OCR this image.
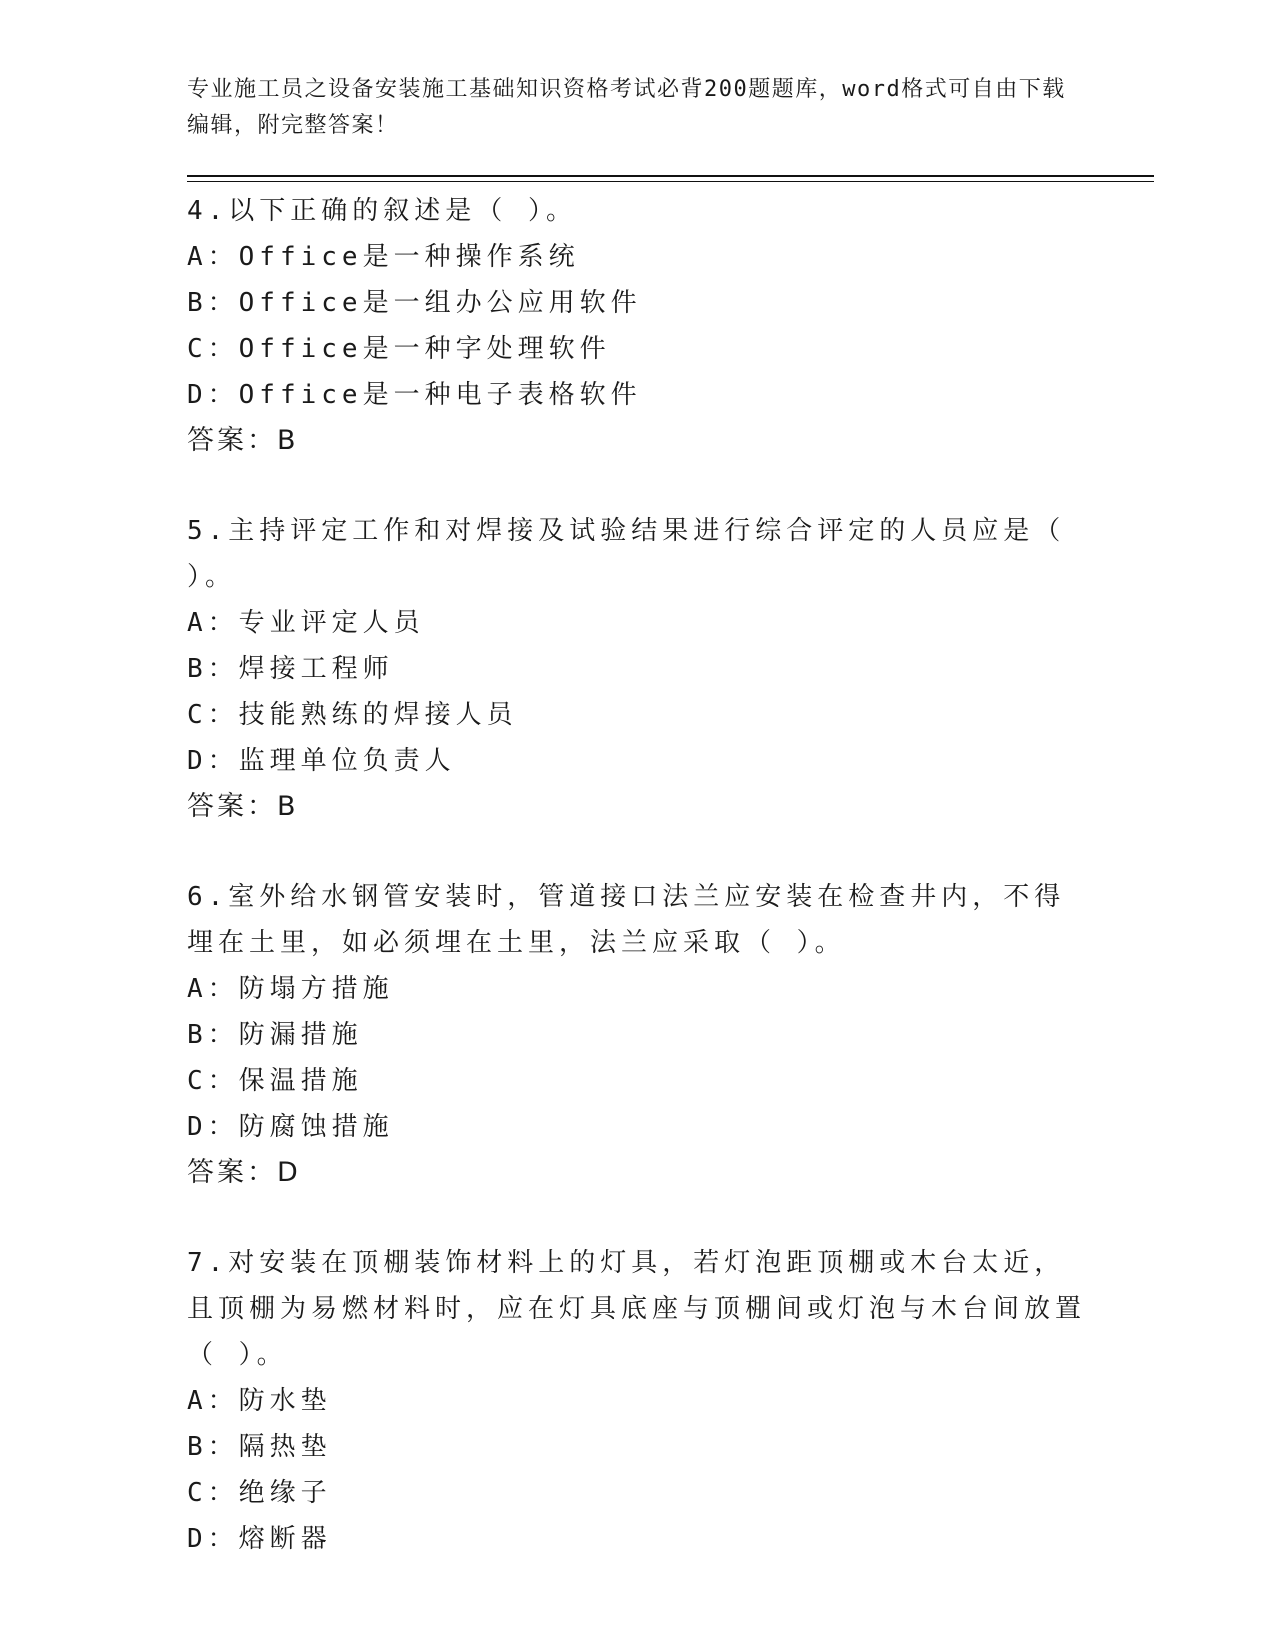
专业施工员之设备安装施工基础知识资格考试必背200题题库，word格式可自由下载编辑，附完整答案！

4.以下正确的叙述是（ ）。

A：Office是一种操作系统

B：Office是一组办公应用软件

C：Office是一种字处理软件

D：Office是一种电子表格软件

答案：B

5.主持评定工作和对焊接及试验结果进行综合评定的人员应是（ ）。

A：专业评定人员

B：焊接工程师

C：技能熟练的焊接人员

D：监理单位负责人

答案：B

6.室外给水钢管安装时，管道接口法兰应安装在检查井内，不得埋在土里，如必须埋在土里，法兰应采取（ ）。

A：防塌方措施

B：防漏措施

C：保温措施

D：防腐蚀措施

答案：D

7.对安装在顶棚装饰材料上的灯具，若灯泡距顶棚或木台太近，且顶棚为易燃材料时，应在灯具底座与顶棚间或灯泡与木台间放置（ ）。

A：防水垫

B：隔热垫

C：绝缘子

D：熔断器
